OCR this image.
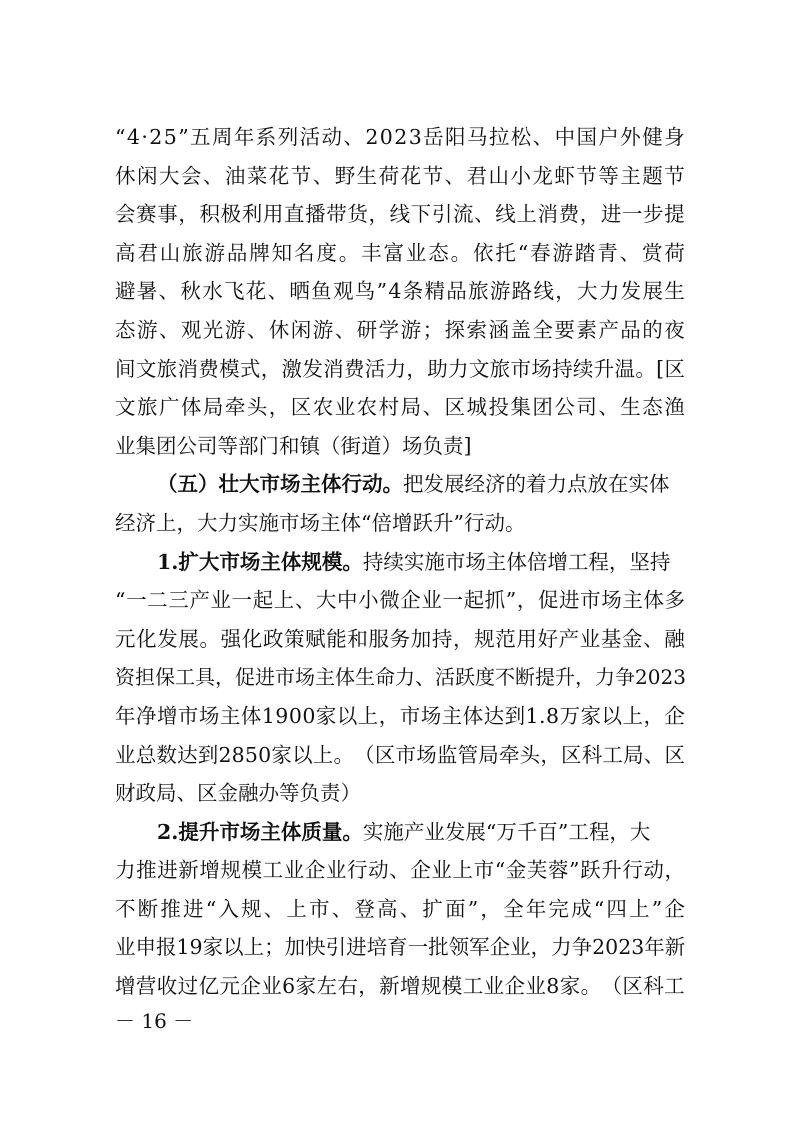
“ 4 · 2 5 ” 五 周 年 系 列 活 动 、 2 0 2 3 岳 阳 马 拉 松 、 中 国 户 外 健 身
休 闲 大 会 、 油 菜 花 节 、 野 生 荷 花 节 、 君 山 小 龙 虾 节 等 主 题 节
会 赛 事 ， 积 极 利 用 直 播 带 货 ， 线 下 引 流 、 线 上 消 费 ， 进 一 步 提
高 君 山 旅 游 品 牌 知 名 度 。 丰 富 业 态 。 依 托 “ 春 游 踏 青 、 赏 荷
避 暑 、 秋 水 飞 花 、 晒 鱼 观 鸟 ” 4 条 精 品 旅 游 路 线 ， 大 力 发 展 生
态 游 、 观 光 游 、 休 闲 游 、 研 学 游 ； 探 索 涵 盖 全 要 素 产 品 的 夜
间 文 旅 消 费 模 式 ， 激 发 消 费 活 力 ， 助 力 文 旅 市 场 持 续 升 温 。 [ 区
文 旅 广 体 局 牵 头 ， 区 农 业 农 村 局 、 区 城 投 集 团 公 司 、 生 态 渔
业集团公司等部门和镇（街道）场负责]
（五）壮大市场主体行动。 把发展经济的着力点放在实体
经济上，大力实施市场主体“倍增跃升”行动。
1.扩大市场主体规模。 持续实施市场主体倍增工程，坚持
“ 一 二 三 产 业 一 起 上 、 大 中 小 微 企 业 一 起 抓 ” ， 促 进 市 场 主 体 多
元 化 发 展 。 强 化 政 策 赋 能 和 服 务 加 持 ， 规 范 用 好 产 业 基 金 、 融
资 担 保 工 具 ， 促 进 市 场 主 体 生 命 力 、 活 跃 度 不 断 提 升 ， 力 争 2 0 2 3
年 净 增 市 场 主 体 1 9 0 0 家 以 上 ， 市 场 主 体 达 到 1 . 8 万 家 以 上 ， 企
业 总 数 达 到 2 8 5 0 家 以 上 。 （ 区 市 场 监 管 局 牵 头 ， 区 科 工 局 、 区
财政局、区金融办等负责）
2.提升市场主体质量。 实施产业发展“万千百”工程，大
力 推 进 新 增 规 模 工 业 企 业 行 动 、 企 业 上 市 “ 金 芙 蓉 ” 跃 升 行 动 ，
不 断 推 进 “ 入 规 、 上 市 、 登 高 、 扩 面 ” ， 全 年 完 成 “ 四 上 ” 企
业 申 报 1 9 家 以 上 ； 加 快 引 进 培 育 一 批 领 军 企 业 ， 力 争 2 0 2 3 年 新
增 营 收 过 亿 元 企 业 6 家 左 右 ， 新 增 规 模 工 业 企 业 8 家 。 （ 区 科 工
－ 16 －
